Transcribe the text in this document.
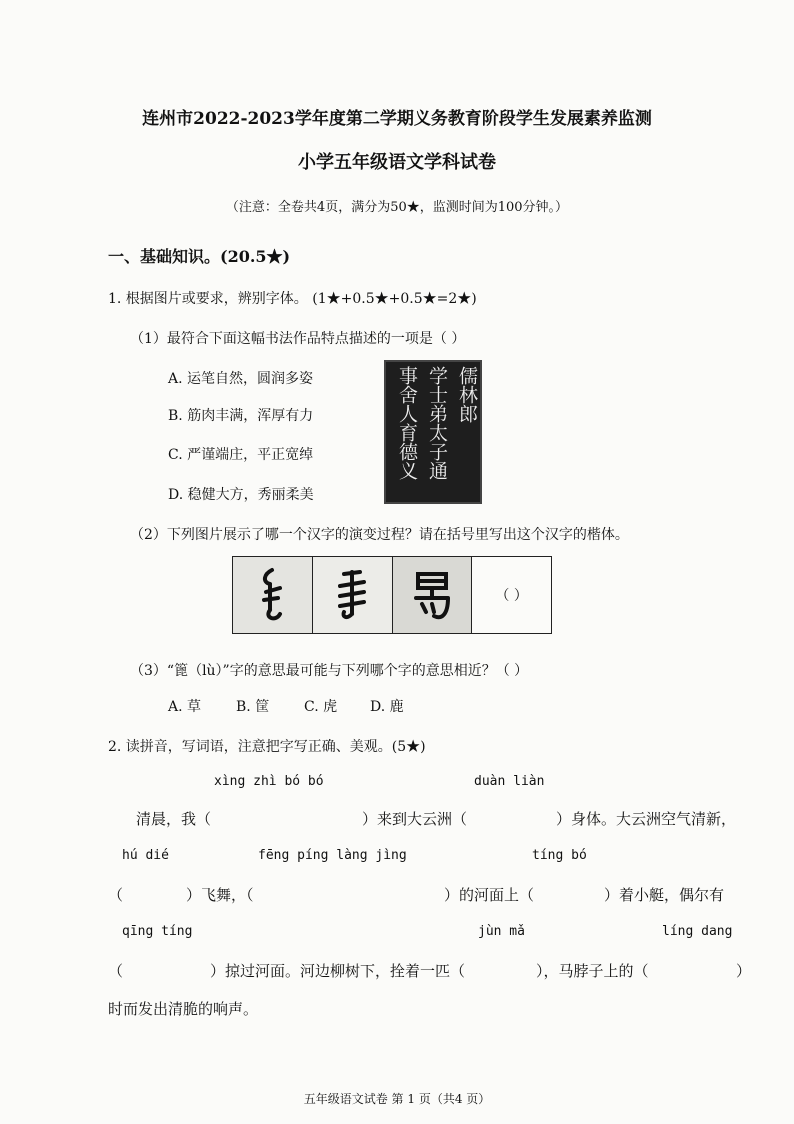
连州市2022-2023学年度第二学期义务教育阶段学生发展素养监测
小学五年级语文学科试卷
（注意：全卷共4页，满分为50★，监测时间为100分钟。）
一、基础知识。(20.5★)
1. 根据图片或要求，辨别字体。 (1★+0.5★+0.5★=2★)
（1）最符合下面这幅书法作品特点描述的一项是（ ）
A. 运笔自然，圆润多姿
B. 筋肉丰满，浑厚有力
C. 严谨端庄，平正宽绰
D. 稳健大方，秀丽柔美
儒林郎
学士弟太子通
事舍人育德义
（2）下列图片展示了哪一个汉字的演变过程？请在括号里写出这个汉字的楷体。
（ ）
（3）“篦（lù）”字的意思最可能与下列哪个字的意思相近？（ ）
A. 草 B. 筐 C. 虎 D. 鹿
2. 读拼音，写词语，注意把字写正确、美观。(5★)
xìng zhì bó bó	duàn liàn
清晨，我（	）来到大云洲（	）身体。大云洲空气清新，
hú dié	fēng píng làng jìng	tíng bó
（	）飞舞，（	）的河面上（	）着小艇，偶尔有
qīng tíng	jùn mǎ	líng dang
（	）掠过河面。河边柳树下，拴着一匹（	），马脖子上的（	）
时而发出清脆的响声。
五年级语文试卷 第 1 页（共4 页）
